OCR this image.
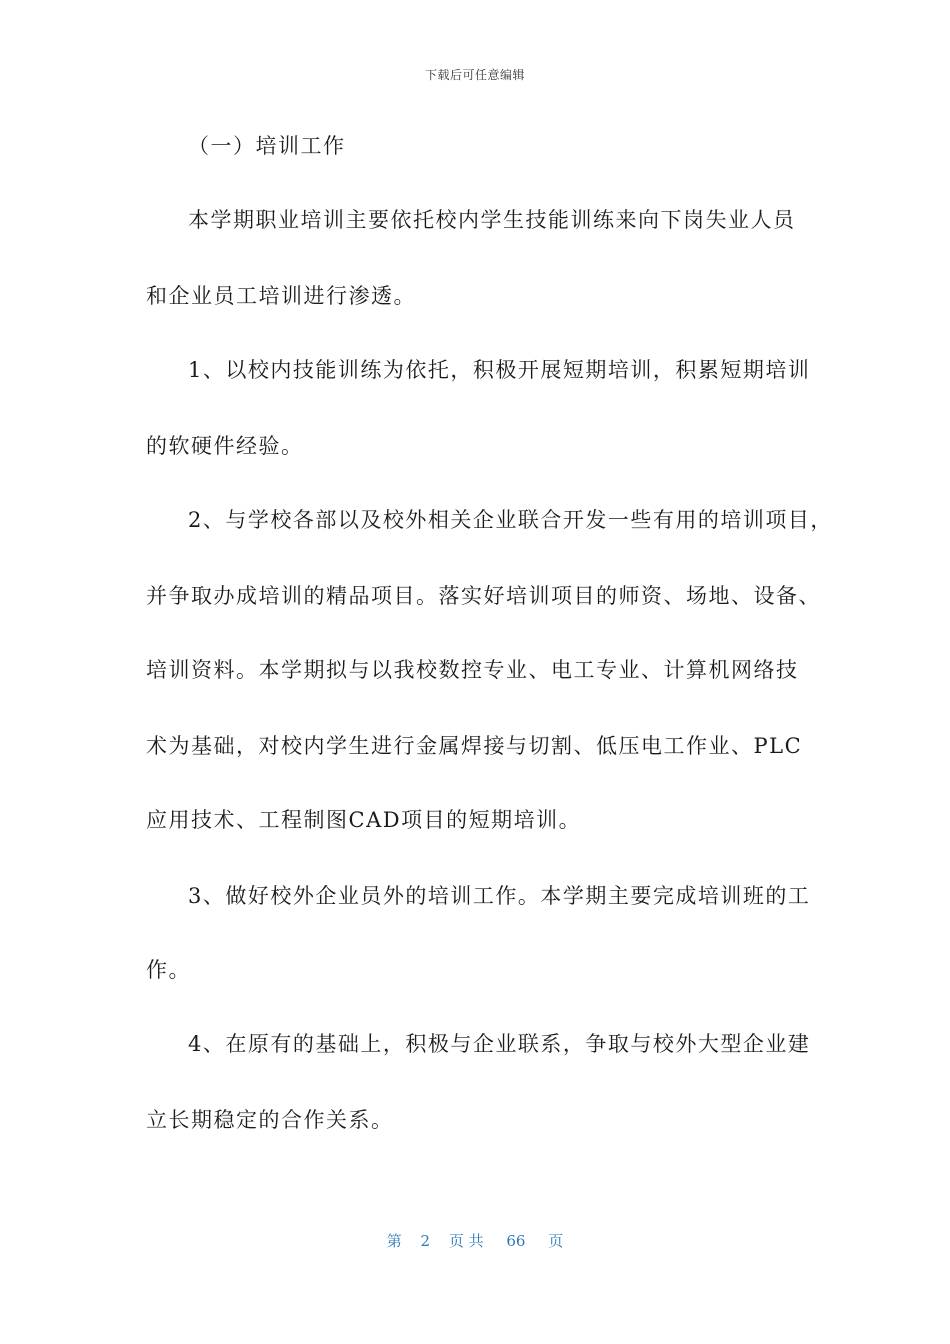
下载后可任意编辑
（一）培训工作
本学期职业培训主要依托校内学生技能训练来向下岗失业人员
和企业员工培训进行渗透。
1、以校内技能训练为依托，积极开展短期培训，积累短期培训
的软硬件经验。
2、与学校各部以及校外相关企业联合开发一些有用的培训项目，
并争取办成培训的精品项目。落实好培训项目的师资、场地、设备、
培训资料。本学期拟与以我校数控专业、电工专业、计算机网络技
术为基础，对校内学生进行金属焊接与切割、低压电工作业、PLC
应用技术、工程制图CAD项目的短期培训。
3、做好校外企业员外的培训工作。本学期主要完成培训班的工
作。
4、在原有的基础上，积极与企业联系，争取与校外大型企业建
立长期稳定的合作关系。
第 2 页 共 66 页
